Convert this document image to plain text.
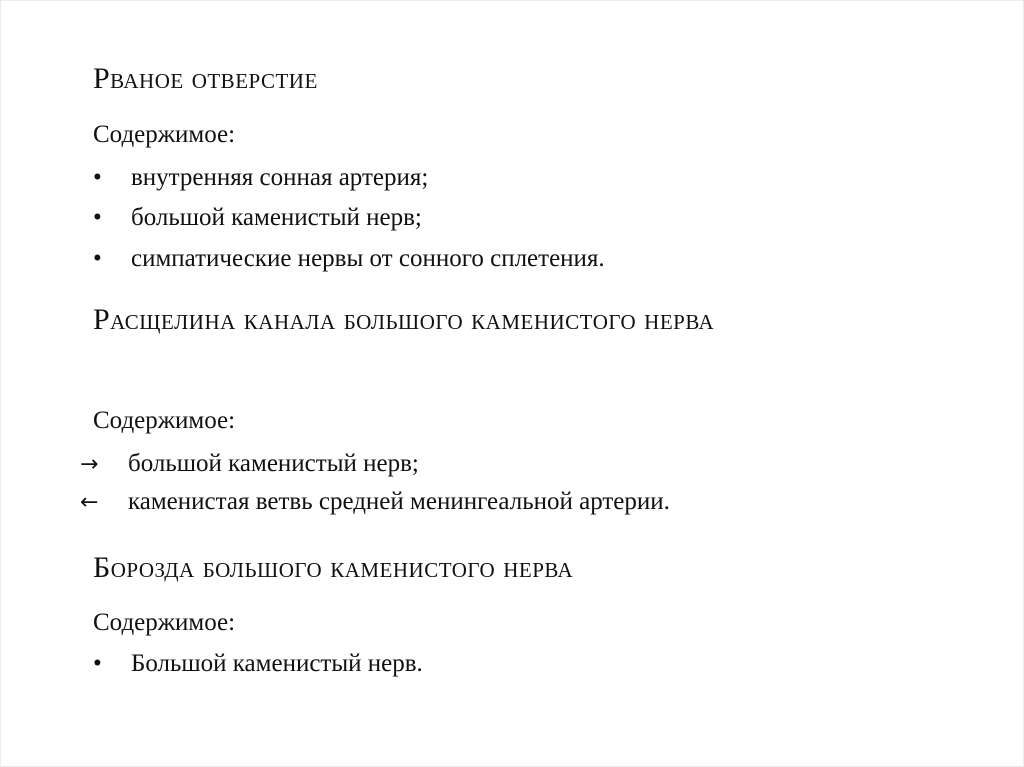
Рваное отверстие
Содержимое:
• внутренняя сонная артерия;
• большой каменистый нерв;
• симпатические нервы от сонного сплетения.
Расщелина канала большого каменистого нерва
Содержимое:
→ большой каменистый нерв;
← каменистая ветвь средней менингеальной артерии.
Борозда большого каменистого нерва
Содержимое:
• Большой каменистый нерв.
